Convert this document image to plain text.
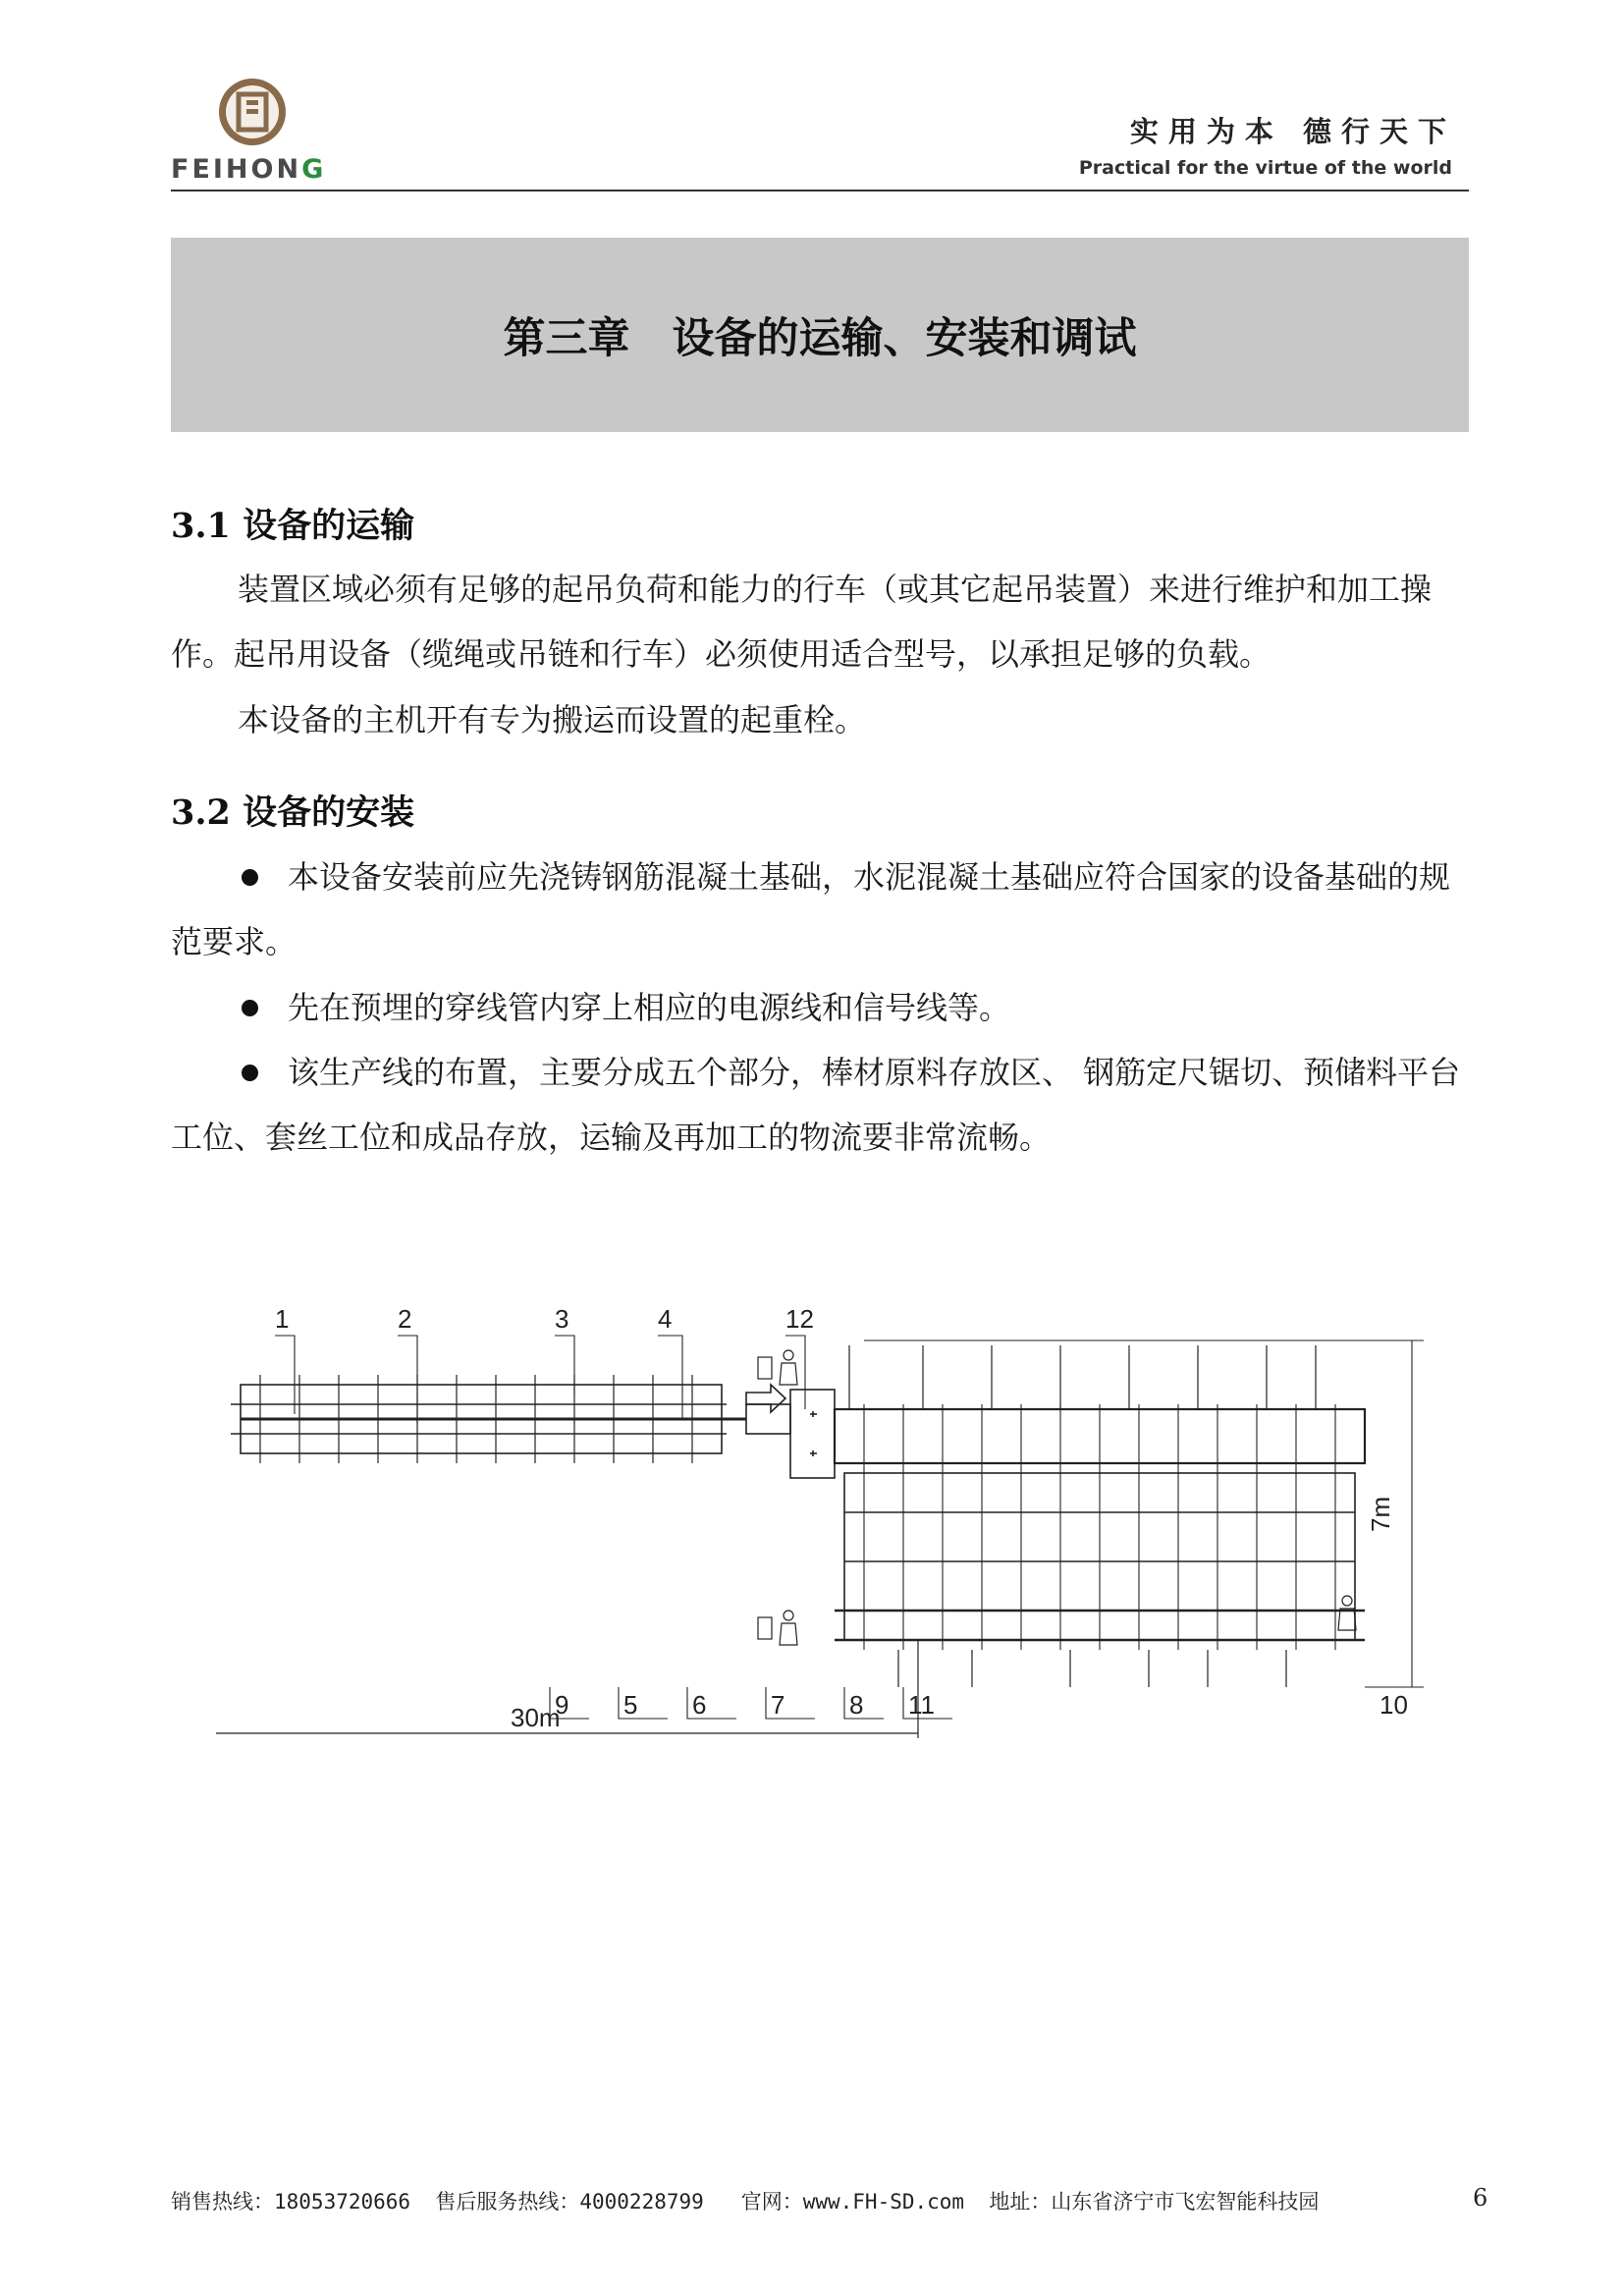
FEIHONG
实用为本 德行天下
Practical for the virtue of the world
第三章　设备的运输、安装和调试
3.1 设备的运输

装置区域必须有足够的起吊负荷和能力的行车（或其它起吊装置）来进行维护和加工操作。起吊用设备（缆绳或吊链和行车）必须使用适合型号，以承担足够的负载。

本设备的主机开有专为搬运而设置的起重栓。

3.2 设备的安装

本设备安装前应先浇铸钢筋混凝土基础，水泥混凝土基础应符合国家的设备基础的规范要求。

先在预埋的穿线管内穿上相应的电源线和信号线等。

该生产线的布置，主要分成五个部分，棒材原料存放区、 钢筋定尺锯切、预储料平台工位、套丝工位和成品存放，运输及再加工的物流要非常流畅。

1	2	3	4	12
9 5 6	7	8 11	10
30m
7m
销售热线：18053720666  售后服务热线：4000228799   官网：www.FH-SD.com  地址：山东省济宁市飞宏智能科技园	6
